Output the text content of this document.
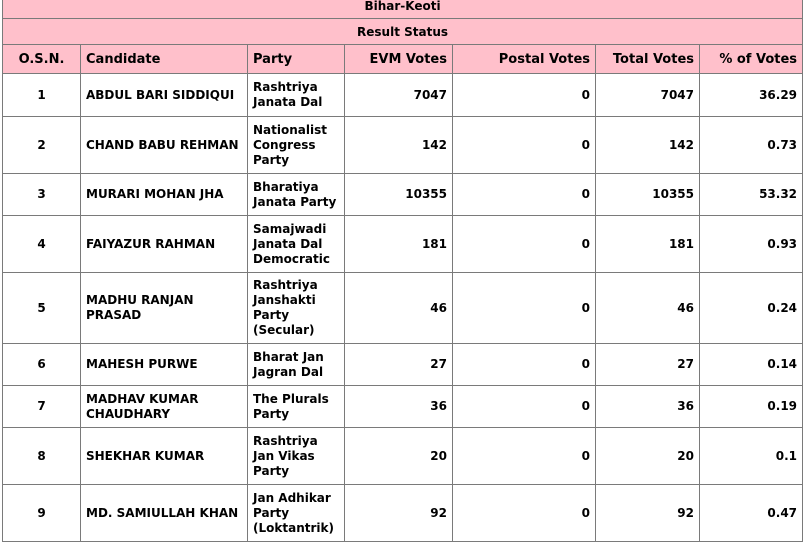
Bihar-Keoti						
Result Status						
O.S.N.	Candidate	Party	EVM Votes	Postal Votes	Total Votes	% of Votes
1	ABDUL BARI SIDDIQUI	Rashtriya Janata Dal	7047	0	7047	36.29
2	CHAND BABU REHMAN	Nationalist Congress Party	142	0	142	0.73
3	MURARI MOHAN JHA	Bharatiya Janata Party	10355	0	10355	53.32
4	FAIYAZUR RAHMAN	Samajwadi Janata Dal Democratic	181	0	181	0.93
5	MADHU RANJAN PRASAD	Rashtriya Janshakti Party (Secular)	46	0	46	0.24
6	MAHESH PURWE	Bharat Jan Jagran Dal	27	0	27	0.14
7	MADHAV KUMAR CHAUDHARY	The Plurals Party	36	0	36	0.19
8	SHEKHAR KUMAR	Rashtriya Jan Vikas Party	20	0	20	0.1
9	MD. SAMIULLAH KHAN	Jan Adhikar Party (Loktantrik)	92	0	92	0.47
